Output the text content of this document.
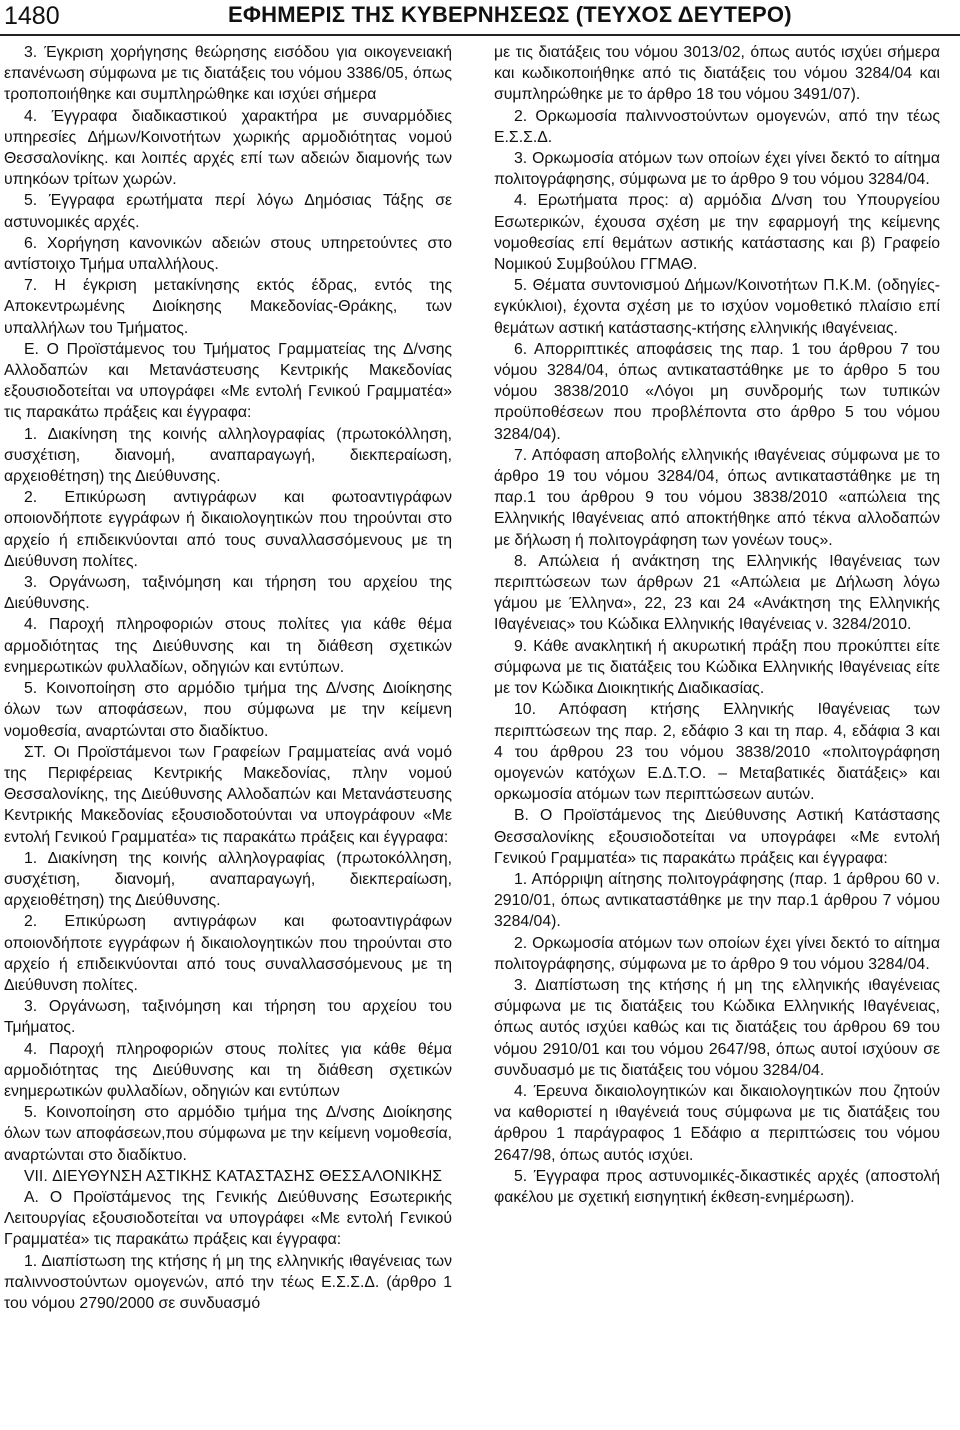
1480	ΕΦΗΜΕΡΙΣ ΤΗΣ ΚΥΒΕΡΝΗΣΕΩΣ (ΤΕΥΧΟΣ ΔΕΥΤΕΡΟ)

3. Έγκριση χορήγησης θεώρησης εισόδου για οικογενειακή επανένωση σύμφωνα με τις διατάξεις του νόμου 3386/05, όπως τροποποιήθηκε και συμπληρώθηκε και ισχύει σήμερα

4. Έγγραφα διαδικαστικού χαρακτήρα με συναρμόδιες υπηρεσίες Δήμων/Κοινοτήτων χωρικής αρμοδιότητας νομού Θεσσαλονίκης. και λοιπές αρχές επί των αδειών διαμονής των υπηκόων τρίτων χωρών.

5. Έγγραφα ερωτήματα περί λόγω Δημόσιας Τάξης σε αστυνομικές αρχές.

6. Χορήγηση κανονικών αδειών στους υπηρετούντες στο αντίστοιχο Τμήμα υπαλλήλους.

7. Η έγκριση μετακίνησης εκτός έδρας, εντός της Αποκεντρωμένης Διοίκησης Μακεδονίας-Θράκης, των υπαλλήλων του Τμήματος.

Ε. Ο Προϊστάμενος του Τμήματος Γραμματείας της Δ/νσης Αλλοδαπών και Μετανάστευσης Κεντρικής Μακεδονίας εξουσιοδοτείται να υπογράφει «Με εντολή Γενικού Γραμματέα» τις παρακάτω πράξεις και έγγραφα:

1. Διακίνηση της κοινής αλληλογραφίας (πρωτοκόλληση, συσχέτιση, διανομή, αναπαραγωγή, διεκπεραίωση, αρχειοθέτηση) της Διεύθυνσης.

2. Επικύρωση αντιγράφων και φωτοαντιγράφων οποιονδήποτε εγγράφων ή δικαιολογητικών που τηρούνται στο αρχείο ή επιδεικνύονται από τους συναλλασσόμενους με τη Διεύθυνση πολίτες.

3. Οργάνωση, ταξινόμηση και τήρηση του αρχείου της Διεύθυνσης.

4. Παροχή πληροφοριών στους πολίτες για κάθε θέμα αρμοδιότητας της Διεύθυνσης και τη διάθεση σχετικών ενημερωτικών φυλλαδίων, οδηγιών και εντύπων.

5. Κοινοποίηση στο αρμόδιο τμήμα της Δ/νσης Διοίκησης όλων των αποφάσεων, που σύμφωνα με την κείμενη νομοθεσία, αναρτώνται στο διαδίκτυο.

ΣΤ. Οι Προϊστάμενοι των Γραφείων Γραμματείας ανά νομό της Περιφέρειας Κεντρικής Μακεδονίας, πλην νομού Θεσσαλονίκης, της Διεύθυνσης Αλλοδαπών και Μετανάστευσης Κεντρικής Μακεδονίας εξουσιοδοτούνται να υπογράφουν «Με εντολή Γενικού Γραμματέα» τις παρακάτω πράξεις και έγγραφα:

1. Διακίνηση της κοινής αλληλογραφίας (πρωτοκόλληση, συσχέτιση, διανομή, αναπαραγωγή, διεκπεραίωση, αρχειοθέτηση) της Διεύθυνσης.

2. Επικύρωση αντιγράφων και φωτοαντιγράφων οποιονδήποτε εγγράφων ή δικαιολογητικών που τηρούνται στο αρχείο ή επιδεικνύονται από τους συναλλασσόμενους με τη Διεύθυνση πολίτες.

3. Οργάνωση, ταξινόμηση και τήρηση του αρχείου του Τμήματος.

4. Παροχή πληροφοριών στους πολίτες για κάθε θέμα αρμοδιότητας της Διεύθυνσης και τη διάθεση σχετικών ενημερωτικών φυλλαδίων, οδηγιών και εντύπων

5. Κοινοποίηση στο αρμόδιο τμήμα της Δ/νσης Διοίκησης όλων των αποφάσεων,που σύμφωνα με την κείμενη νομοθεσία, αναρτώνται στο διαδίκτυο.

VII. ΔΙΕΥΘΥΝΣΗ ΑΣΤΙΚΗΣ ΚΑΤΑΣΤΑΣΗΣ ΘΕΣΣΑΛΟΝΙΚΗΣ

Α. Ο Προϊστάμενος της Γενικής Διεύθυνσης Εσωτερικής Λειτουργίας εξουσιοδοτείται να υπογράφει «Με εντολή Γενικού Γραμματέα» τις παρακάτω πράξεις και έγγραφα:

1. Διαπίστωση της κτήσης ή μη της ελληνικής ιθαγένειας των παλιννοστούντων ομογενών, από την τέως Ε.Σ.Σ.Δ. (άρθρο 1 του νόμου 2790/2000 σε συνδυασμό

με τις διατάξεις του νόμου 3013/02, όπως αυτός ισχύει σήμερα και κωδικοποιήθηκε από τις διατάξεις του νόμου 3284/04 και συμπληρώθηκε με το άρθρο 18 του νόμου 3491/07).

2. Ορκωμοσία παλιννοστούντων ομογενών, από την τέως Ε.Σ.Σ.Δ.

3. Ορκωμοσία ατόμων των οποίων έχει γίνει δεκτό το αίτημα πολιτογράφησης, σύμφωνα με το άρθρο 9 του νόμου 3284/04.

4. Ερωτήματα προς: α) αρμόδια Δ/νση του Υπουργείου Εσωτερικών, έχουσα σχέση με την εφαρμογή της κείμενης νομοθεσίας επί θεμάτων αστικής κατάστασης και β) Γραφείο Νομικού Συμβούλου ΓΓΜΑΘ.

5. Θέματα συντονισμού Δήμων/Κοινοτήτων Π.Κ.Μ. (οδηγίες-εγκύκλιοι), έχοντα σχέση με το ισχύον νομοθετικό πλαίσιο επί θεμάτων αστική κατάστασης-κτήσης ελληνικής ιθαγένειας.

6. Απορριπτικές αποφάσεις της παρ. 1 του άρθρου 7 του νόμου 3284/04, όπως αντικαταστάθηκε με το άρθρο 5 του νόμου 3838/2010 «Λόγοι μη συνδρομής των τυπικών προϋποθέσεων που προβλέποντα στο άρθρο 5 του νόμου 3284/04).

7. Απόφαση αποβολής ελληνικής ιθαγένειας σύμφωνα με το άρθρο 19 του νόμου 3284/04, όπως αντικαταστάθηκε με τη παρ.1 του άρθρου 9 του νόμου 3838/2010 «απώλεια της Ελληνικής Ιθαγένειας από αποκτήθηκε από τέκνα αλλοδαπών με δήλωση ή πολιτογράφηση των γονέων τους».

8. Απώλεια ή ανάκτηση της Ελληνικής Ιθαγένειας των περιπτώσεων των άρθρων 21 «Απώλεια με Δήλωση λόγω γάμου με Έλληνα», 22, 23 και 24 «Ανάκτηση της Ελληνικής Ιθαγένειας» του Κώδικα Ελληνικής Ιθαγένειας ν. 3284/2010.

9. Κάθε ανακλητική ή ακυρωτική πράξη που προκύπτει είτε σύμφωνα με τις διατάξεις του Κώδικα Ελληνικής Ιθαγένειας είτε με τον Κώδικα Διοικητικής Διαδικασίας.

10. Απόφαση κτήσης Ελληνικής Ιθαγένειας των περιπτώσεων της παρ. 2, εδάφιο 3 και τη παρ. 4, εδάφια 3 και 4 του άρθρου 23 του νόμου 3838/2010 «πολιτογράφηση ομογενών κατόχων Ε.Δ.Τ.Ο. – Μεταβατικές διατάξεις» και ορκωμοσία ατόμων των περιπτώσεων αυτών.

Β. Ο Προϊστάμενος της Διεύθυνσης Αστική Κατάστασης Θεσσαλονίκης εξουσιοδοτείται να υπογράφει «Με εντολή Γενικού Γραμματέα» τις παρακάτω πράξεις και έγγραφα:

1. Απόρριψη αίτησης πολιτογράφησης (παρ. 1 άρθρου 60 ν. 2910/01, όπως αντικαταστάθηκε με την παρ.1 άρθρου 7 νόμου 3284/04).

2. Ορκωμοσία ατόμων των οποίων έχει γίνει δεκτό το αίτημα πολιτογράφησης, σύμφωνα με το άρθρο 9 του νόμου 3284/04.

3. Διαπίστωση της κτήσης ή μη της ελληνικής ιθαγένειας σύμφωνα με τις διατάξεις του Κώδικα Ελληνικής Ιθαγένειας, όπως αυτός ισχύει καθώς και τις διατάξεις του άρθρου 69 του νόμου 2910/01 και του νόμου 2647/98, όπως αυτοί ισχύουν σε συνδυασμό με τις διατάξεις του νόμου 3284/04.

4. Έρευνα δικαιολογητικών και δικαιολογητικών που ζητούν να καθοριστεί η ιθαγένειά τους σύμφωνα με τις διατάξεις του άρθρου 1 παράγραφος 1 Εδάφιο α περιπτώσεις του νόμου 2647/98, όπως αυτός ισχύει.

5. Έγγραφα προς αστυνομικές-δικαστικές αρχές (αποστολή φακέλου με σχετική εισηγητική έκθεση-ενημέρωση).
